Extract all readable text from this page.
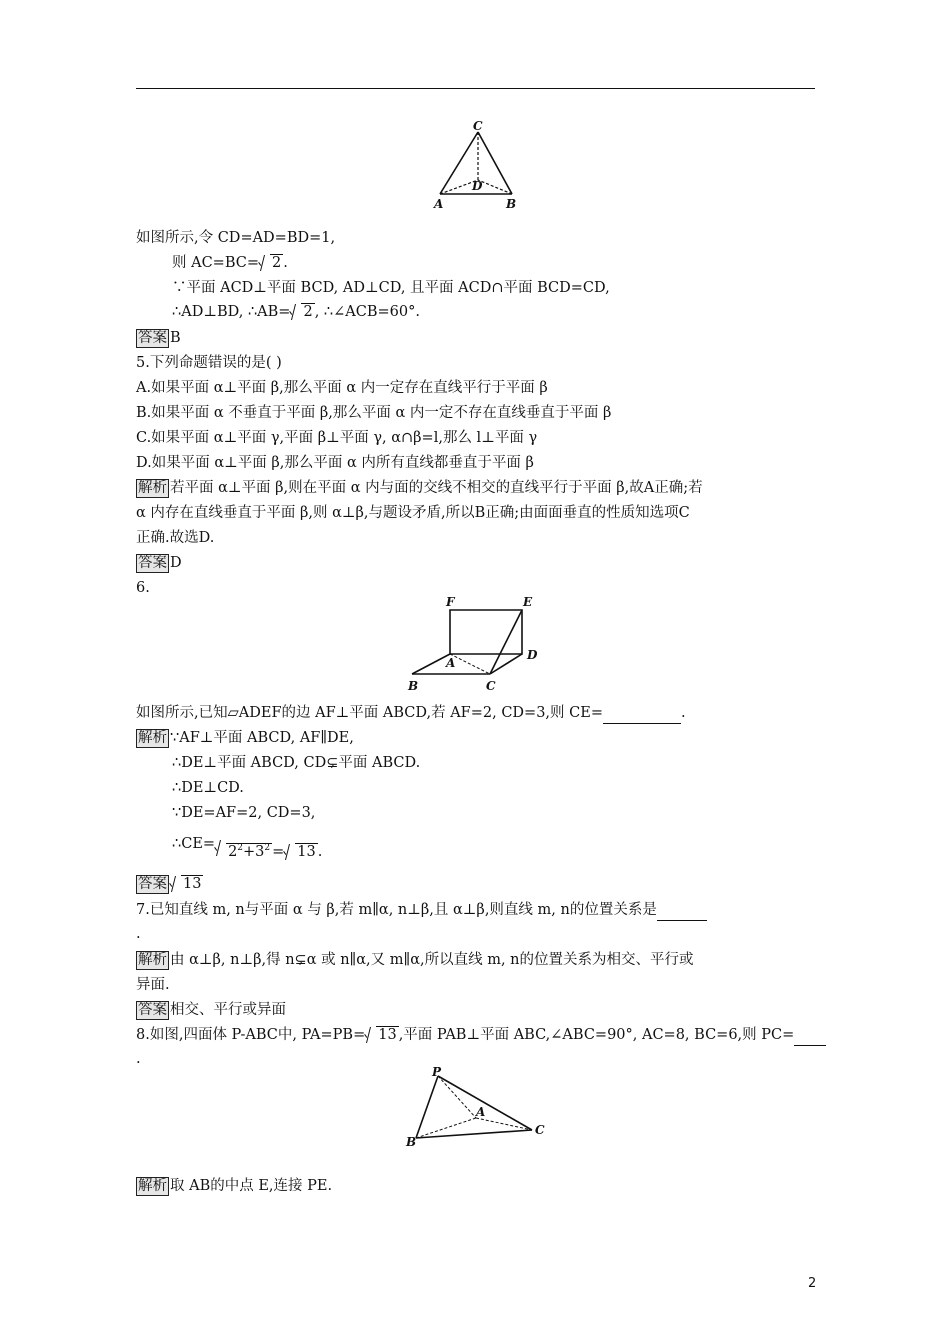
C
D
A	B
如图所示,令 CD=AD=BD=1,
则 AC=BC= 2 .
∵平面 ACD⊥平面 BCD, AD⊥CD, 且平面 ACD∩平面 BCD=CD,
∴AD⊥BD, ∴AB= 2 , ∴∠ACB=60°.
答案 B
5.下列命题错误的是( )
A.如果平面 α⊥平面 β,那么平面 α 内一定存在直线平行于平面 β
B.如果平面 α 不垂直于平面 β,那么平面 α 内一定不存在直线垂直于平面 β
C.如果平面 α⊥平面 γ,平面 β⊥平面 γ, α∩β=l,那么 l⊥平面 γ
D.如果平面 α⊥平面 β,那么平面 α 内所有直线都垂直于平面 β
解析 若平面 α⊥平面 β,则在平面 α 内与面的交线不相交的直线平行于平面 β,故A正确;若
α 内存在直线垂直于平面 β,则 α⊥β,与题设矛盾,所以B正确;由面面垂直的性质知选项C
正确.故选D.
答案 D
6.
F	E
A
D
B	C
如图所示,已知▱ADEF的边 AF⊥平面 ABCD,若 AF=2, CD=3,则 CE=	.
解析 ∵AF⊥平面 ABCD, AF∥DE,
∴DE⊥平面 ABCD, CD⊊平面 ABCD.
∴DE⊥CD.
∵DE=AF=2, CD=3,
∴CE= $2^2+3^2 = 13$ .
答案 13
7.已知直线 m, n与平面 α 与 β,若 m∥α, n⊥β,且 α⊥β,则直线 m, n的位置关系是
.
解析 由 α⊥β, n⊥β,得 n⊊α 或 n∥α,又 m∥α,所以直线 m, n的位置关系为相交、平行或
异面.
答案 相交、平行或异面
8.如图,四面体 P-ABC中, PA=PB= 13 ,平面 PAB⊥平面 ABC,∠ABC=90°, AC=8, BC=6,则 PC=
.
P
A
B
C
解析 取 AB的中点 E,连接 PE.
2
